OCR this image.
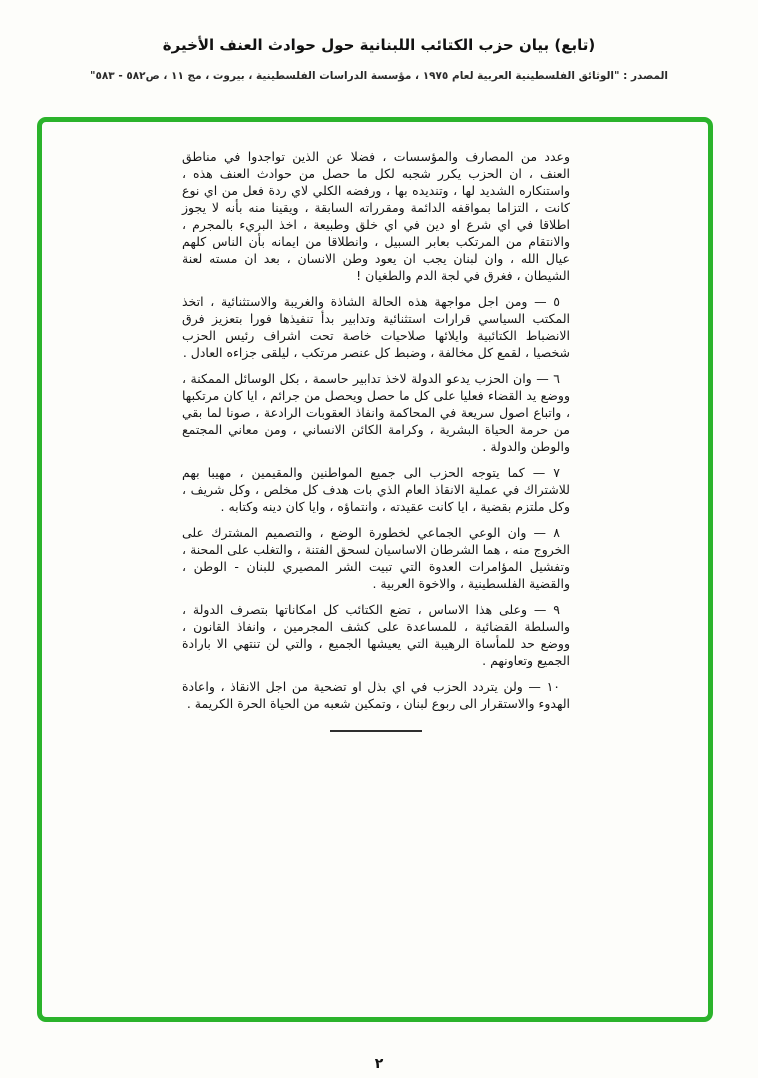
(تابع) بيان حزب الكتائب اللبنانية حول حوادث العنف الأخيرة
المصدر : "الوثائق الفلسطينية العربية لعام ١٩٧٥ ، مؤسسة الدراسات الفلسطينية ، بيروت ، مج ١١ ، ص٥٨٢ - ٥٨٣"

وعدد من المصارف والمؤسسات ، فضلا عن الذين تواجدوا في مناطق العنف ، ان الحزب يكرر شجبه لكل ما حصل من حوادث العنف هذه ، واستنكاره الشديد لها ، وتنديده بها ، ورفضه الكلي لاي ردة فعل من اي نوع كانت ، التزاما بمواقفه الدائمة ومقرراته السابقة ، ويقينا منه بأنه لا يجوز اطلاقا في اي شرع او دين في اي خلق وطبيعة ، اخذ البريء بالمجرم ، والانتقام من المرتكب بعابر السبيل ، وانطلاقا من ايمانه بأن الناس كلهم عيال الله ، وان لبنان يجب ان يعود وطن الانسان ، بعد ان مسته لعنة الشيطان ، فغرق في لجة الدم والطغيان !

٥ — ومن اجل مواجهة هذه الحالة الشاذة والغريبة والاستثنائية ، اتخذ المكتب السياسي قرارات استثنائية وتدابير بدأ تنفيذها فورا بتعزيز فرق الانضباط الكتائبية وايلائها صلاحيات خاصة تحت اشراف رئيس الحزب شخصيا ، لقمع كل مخالفة ، وضبط كل عنصر مرتكب ، ليلقى جزاءه العادل .

٦ — وان الحزب يدعو الدولة لاخذ تدابير حاسمة ، بكل الوسائل الممكنة ، ووضع يد القضاء فعليا على كل ما حصل ويحصل من جرائم ، ايا كان مرتكبها ، واتباع اصول سريعة في المحاكمة وانفاذ العقوبات الرادعة ، صونا لما بقي من حرمة الحياة البشرية ، وكرامة الكائن الانساني ، ومن معاني المجتمع والوطن والدولة .

٧ — كما يتوجه الحزب الى جميع المواطنين والمقيمين ، مهيبا بهم للاشتراك في عملية الانقاذ العام الذي بات هدف كل مخلص ، وكل شريف ، وكل ملتزم بقضية ، ايا كانت عقيدته ، وانتماؤه ، وايا كان دينه وكتابه .

٨ — وان الوعي الجماعي لخطورة الوضع ، والتصميم المشترك على الخروج منه ، هما الشرطان الاساسيان لسحق الفتنة ، والتغلب على المحنة ، وتفشيل المؤامرات العدوة التي تبيت الشر المصيري للبنان - الوطن ، والقضية الفلسطينية ، والاخوة العربية .

٩ — وعلى هذا الاساس ، تضع الكتائب كل امكاناتها بتصرف الدولة ، والسلطة القضائية ، للمساعدة على كشف المجرمين ، وانفاذ القانون ، ووضع حد للمأساة الرهيبة التي يعيشها الجميع ، والتي لن تنتهي الا بارادة الجميع وتعاونهم .

١٠ — ولن يتردد الحزب في اي بذل او تضحية من اجل الانقاذ ، واعادة الهدوء والاستقرار الى ربوع لبنان ، وتمكين شعبه من الحياة الحرة الكريمة .

٢
